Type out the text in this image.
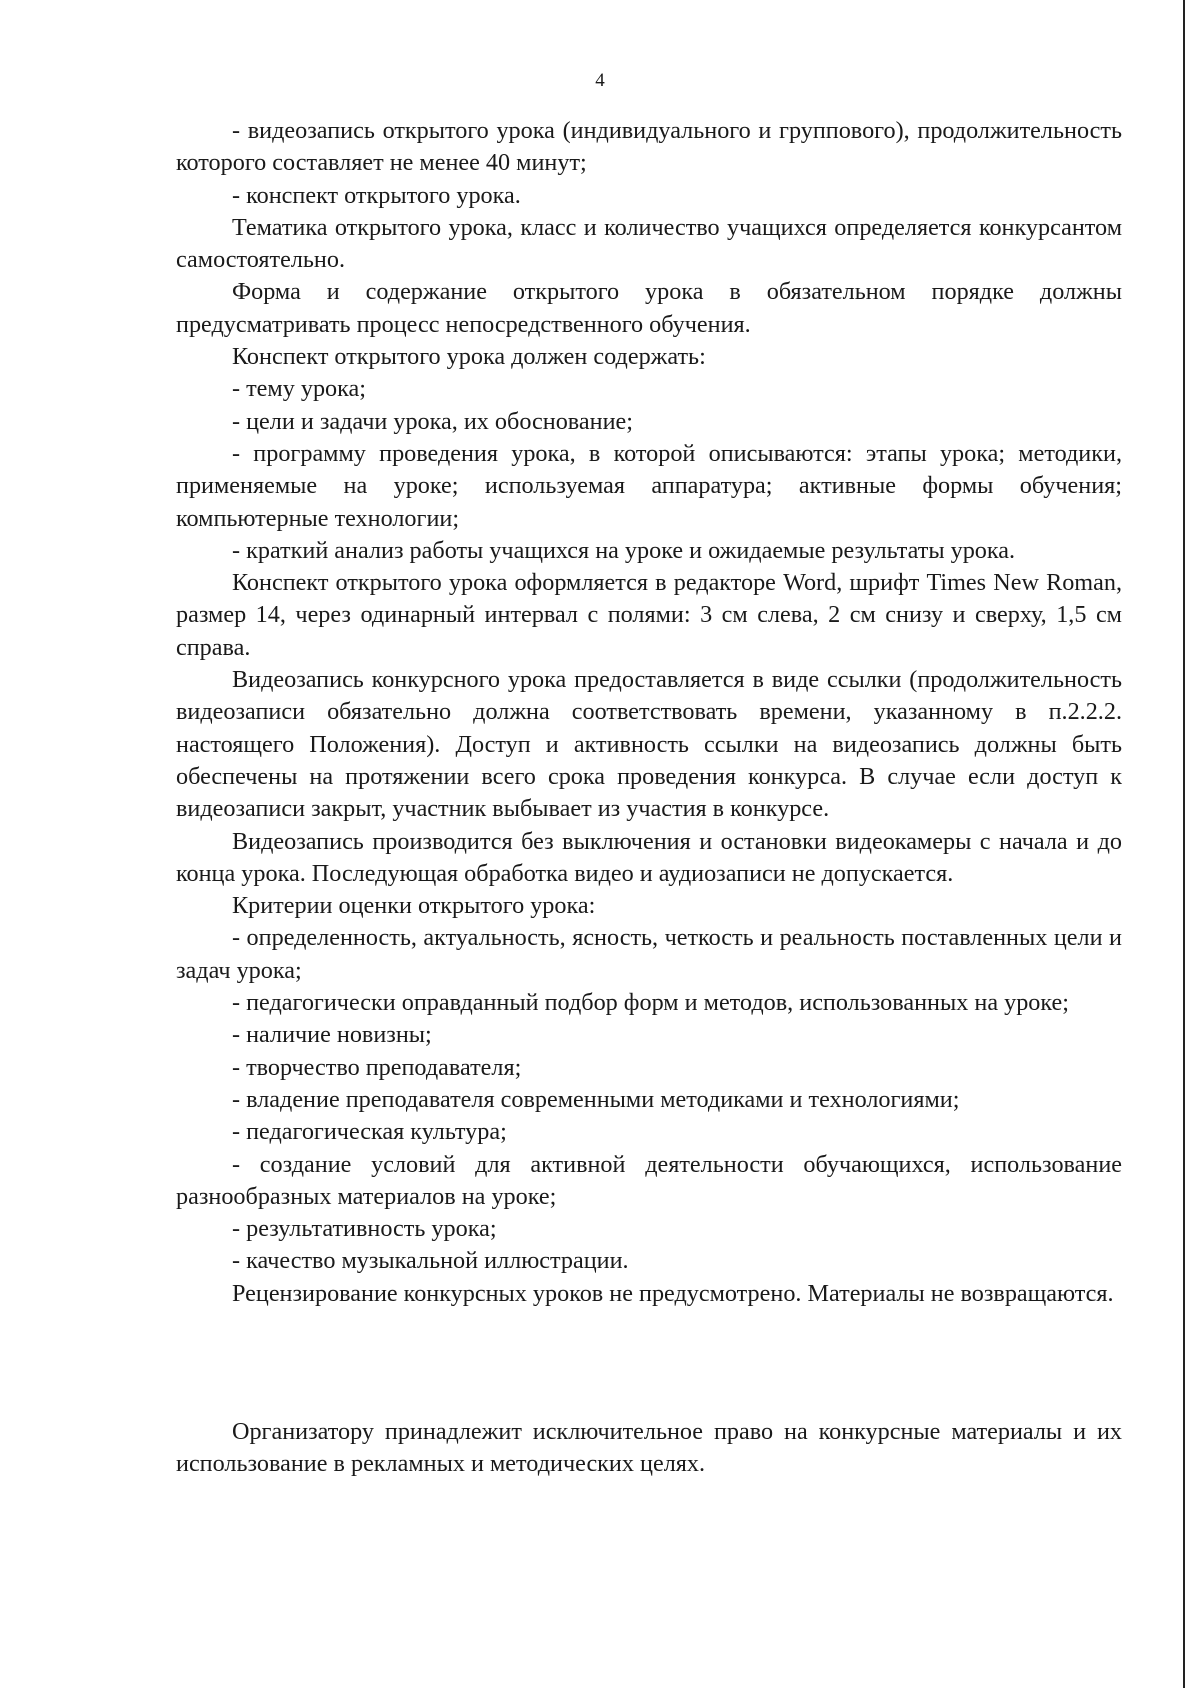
4

- видеозапись открытого урока (индивидуального и группового), продолжительность которого составляет не менее 40 минут;

- конспект открытого урока.

Тематика открытого урока, класс и количество учащихся определяется конкурсантом самостоятельно.

Форма и содержание открытого урока в обязательном порядке должны предусматривать процесс непосредственного обучения.

Конспект открытого урока должен содержать:

- тему урока;

- цели и задачи урока, их обоснование;

- программу проведения урока, в которой описываются: этапы урока; методики, применяемые на уроке; используемая аппаратура; активные формы обучения; компьютерные технологии;

- краткий анализ работы учащихся на уроке и ожидаемые результаты урока.

Конспект открытого урока оформляется в редакторе Word, шрифт Times New Roman, размер 14, через одинарный интервал с полями: 3 см слева, 2 см снизу и сверху, 1,5 см справа.

Видеозапись конкурсного урока предоставляется в виде ссылки (продолжительность видеозаписи обязательно должна соответствовать времени, указанному в п.2.2.2. настоящего Положения). Доступ и активность ссылки на видеозапись должны быть обеспечены на протяжении всего срока проведения конкурса. В случае если доступ к видеозаписи закрыт, участник выбывает из участия в конкурсе.

Видеозапись производится без выключения и остановки видеокамеры с начала и до конца урока. Последующая обработка видео и аудиозаписи не допускается.

Критерии оценки открытого урока:

- определенность, актуальность, ясность, четкость и реальность поставленных цели и задач урока;

- педагогически оправданный подбор форм и методов, использованных на уроке;

- наличие новизны;

- творчество преподавателя;

- владение преподавателя современными методиками и технологиями;

- педагогическая культура;

- создание условий для активной деятельности обучающихся, использование разнообразных материалов на уроке;

- результативность урока;

- качество музыкальной иллюстрации.

Рецензирование конкурсных уроков не предусмотрено. Материалы не возвращаются.

Организатору принадлежит исключительное право на конкурсные материалы и их использование в рекламных и методических целях.
